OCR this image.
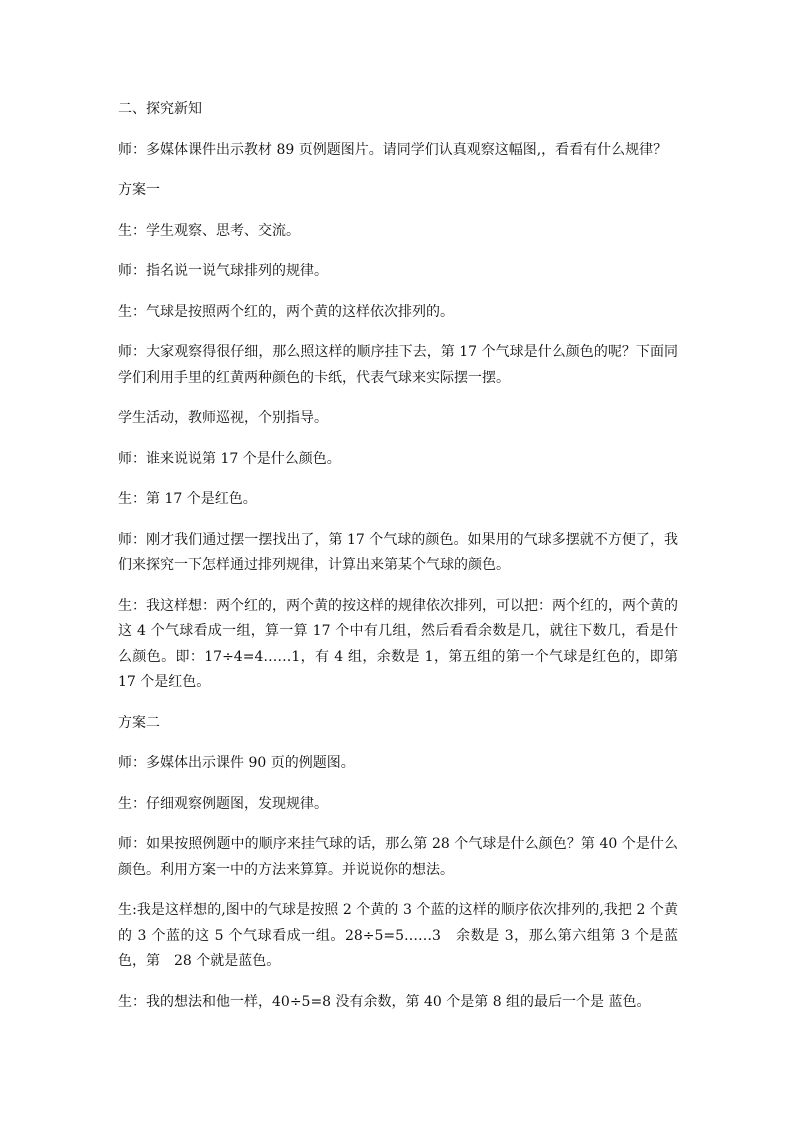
二、探究新知

师：多媒体课件出示教材 89 页例题图片。请同学们认真观察这幅图,，看看有什么规律？

方案一

生：学生观察、思考、交流。

师：指名说一说气球排列的规律。

生：气球是按照两个红的，两个黄的这样依次排列的。

师：大家观察得很仔细，那么照这样的顺序挂下去，第 17 个气球是什么颜色的呢？下面同学们利用手里的红黄两种颜色的卡纸，代表气球来实际摆一摆。

学生活动，教师巡视，个别指导。

师：谁来说说第 17 个是什么颜色。

生：第 17 个是红色。

师：刚才我们通过摆一摆找出了，第 17 个气球的颜色。如果用的气球多摆就不方便了，我们来探究一下怎样通过排列规律，计算出来第某个气球的颜色。

生：我这样想：两个红的，两个黄的按这样的规律依次排列，可以把：两个红的，两个黄的这 4 个气球看成一组，算一算 17 个中有几组，然后看看余数是几，就往下数几，看是什么颜色。即：17÷4=4……1，有 4 组，余数是 1，第五组的第一个气球是红色的，即第 17 个是红色。

方案二

师：多媒体出示课件 90 页的例题图。

生：仔细观察例题图，发现规律。

师：如果按照例题中的顺序来挂气球的话，那么第 28 个气球是什么颜色？第 40 个是什么颜色。利用方案一中的方法来算算。并说说你的想法。

生:我是这样想的,图中的气球是按照 2 个黄的 3 个蓝的这样的顺序依次排列的,我把 2 个黄的 3 个蓝的这 5 个气球看成一组。28÷5=5……3　余数是 3，那么第六组第 3 个是蓝色，第　28 个就是蓝色。

生：我的想法和他一样，40÷5=8 没有余数，第 40 个是第 8 组的最后一个是 蓝色。
